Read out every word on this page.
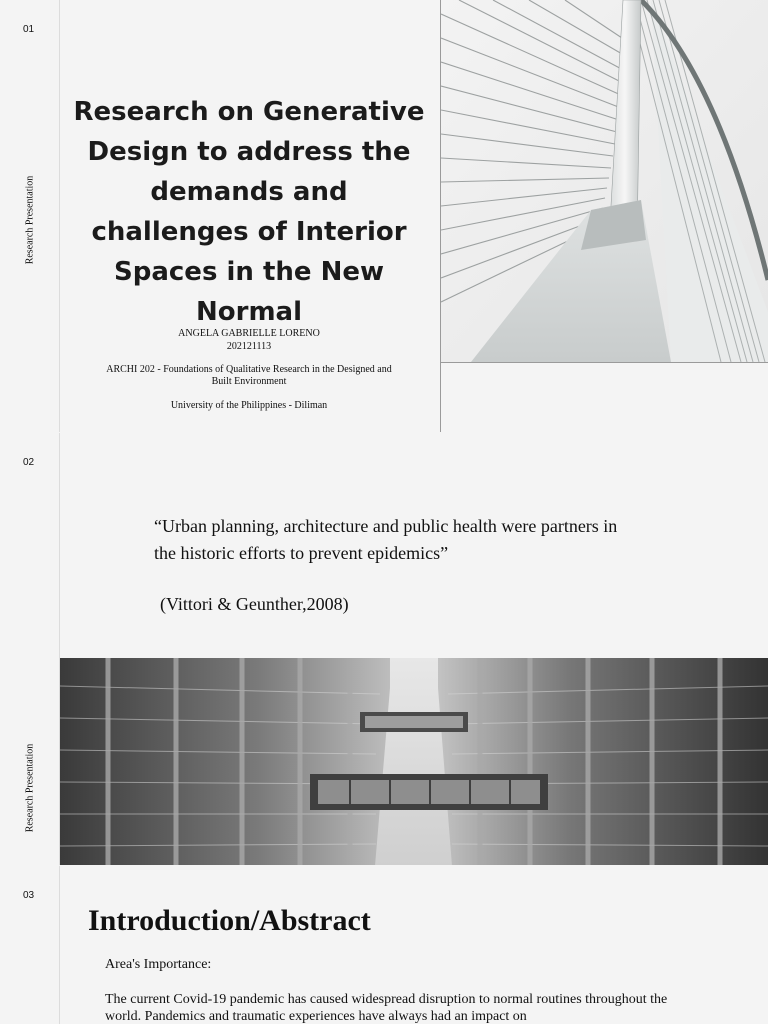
01
Research Presentation
Research on Generative Design to address the demands and challenges of Interior Spaces in the New Normal
ANGELA GABRIELLE LORENO
202121113
ARCHI 202 - Foundations of Qualitative Research in the Designed and Built Environment
University of the Philippines - Diliman
02
Research Presentation

“Urban planning, architecture and public health were partners in the historic efforts to prevent epidemics”

(Vittori & Geunther,2008)

03
Introduction/Abstract

Area's Importance:

The current Covid-19 pandemic has caused widespread disruption to normal routines throughout the world. Pandemics and traumatic experiences have always had an impact on
